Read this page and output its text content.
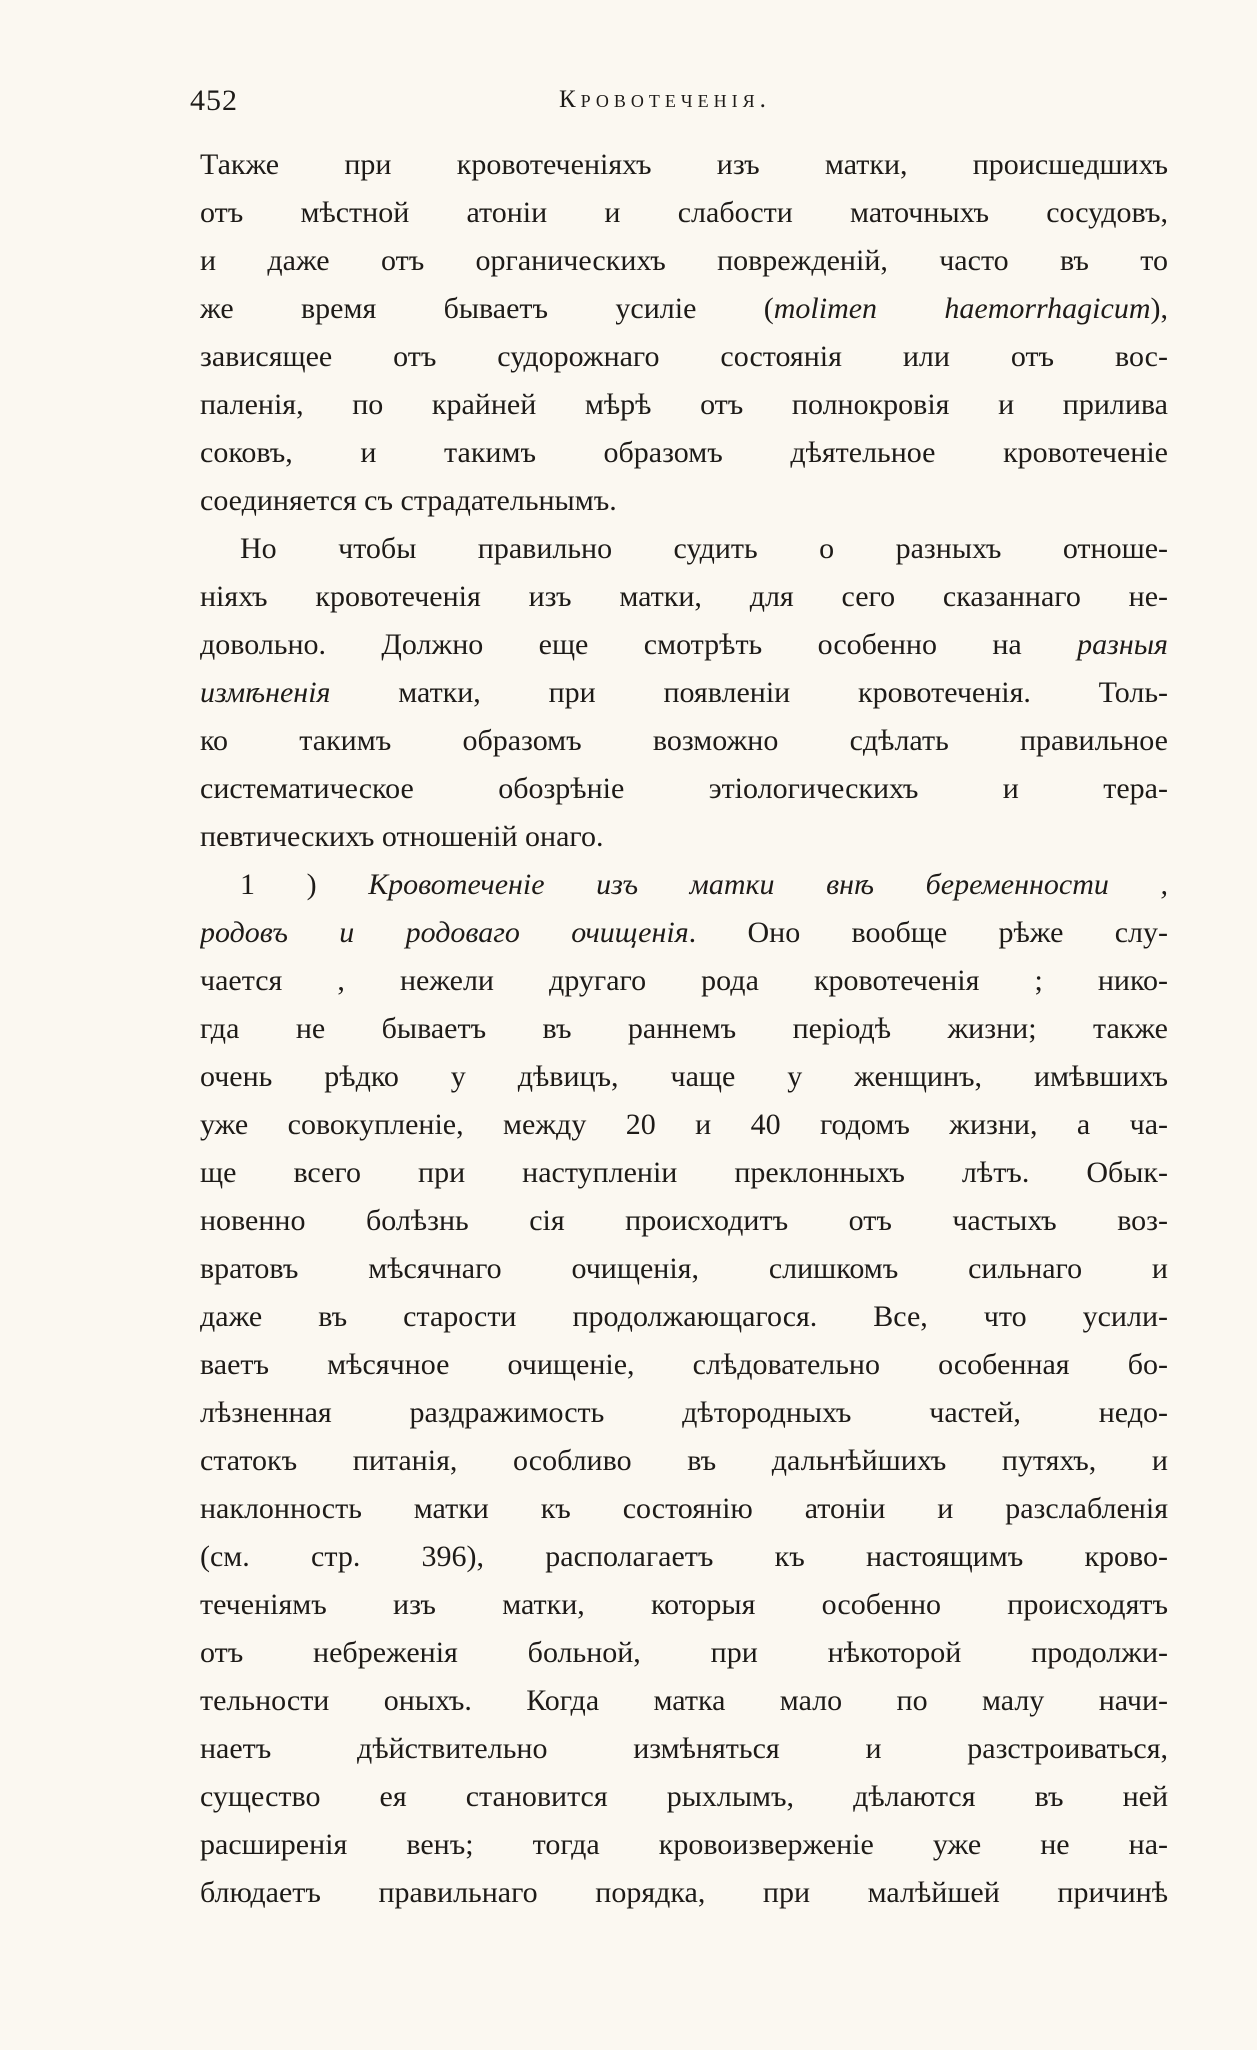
452	Кровотеченія.
Также при кровотеченіяхъ изъ матки, происшедшихъ
отъ мѣстной атоніи и слабости маточныхъ сосудовъ,
и даже отъ органическихъ поврежденій, часто въ то
же время бываетъ усиліе (molimen haemorrhagicum),
зависящее отъ судорожнаго состоянія или отъ вос-
паленія, по крайней мѣрѣ отъ полнокровія и прилива
соковъ, и такимъ образомъ дѣятельное кровотеченіе
соединяется съ страдательнымъ.
Но чтобы правильно судить о разныхъ отноше-
ніяхъ кровотеченія изъ матки, для сего сказаннаго не-
довольно. Должно еще смотрѣть особенно на разныя
измѣненія матки, при появленіи кровотеченія. Толь-
ко такимъ образомъ возможно сдѣлать правильное
систематическое обозрѣніе этіологическихъ и тера-
певтическихъ отношеній онаго.
1 ) Кровотеченіе изъ матки внѣ беременности ,
родовъ и родоваго очищенія. Оно вообще рѣже слу-
чается , нежели другаго рода кровотеченія ; нико-
гда не бываетъ въ раннемъ періодѣ жизни; также
очень рѣдко у дѣвицъ, чаще у женщинъ, имѣвшихъ
уже совокупленіе, между 20 и 40 годомъ жизни, а ча-
ще всего при наступленіи преклонныхъ лѣтъ. Обык-
новенно болѣзнь сія происходитъ отъ частыхъ воз-
вратовъ мѣсячнаго очищенія, слишкомъ сильнаго и
даже въ старости продолжающагося. Все, что усили-
ваетъ мѣсячное очищеніе, слѣдовательно особенная бо-
лѣзненная раздражимость дѣтородныхъ частей, недо-
статокъ питанія, особливо въ дальнѣйшихъ путяхъ, и
наклонность матки къ состоянію атоніи и разслабленія
(см. стр. 396), располагаетъ къ настоящимъ крово-
теченіямъ изъ матки, которыя особенно происходятъ
отъ небреженія больной, при нѣкоторой продолжи-
тельности оныхъ. Когда матка мало по малу начи-
наетъ дѣйствительно измѣняться и разстроиваться,
существо ея становится рыхлымъ, дѣлаются въ ней
расширенія венъ; тогда кровоизверженіе уже не на-
блюдаетъ правильнаго порядка, при малѣйшей причинѣ
